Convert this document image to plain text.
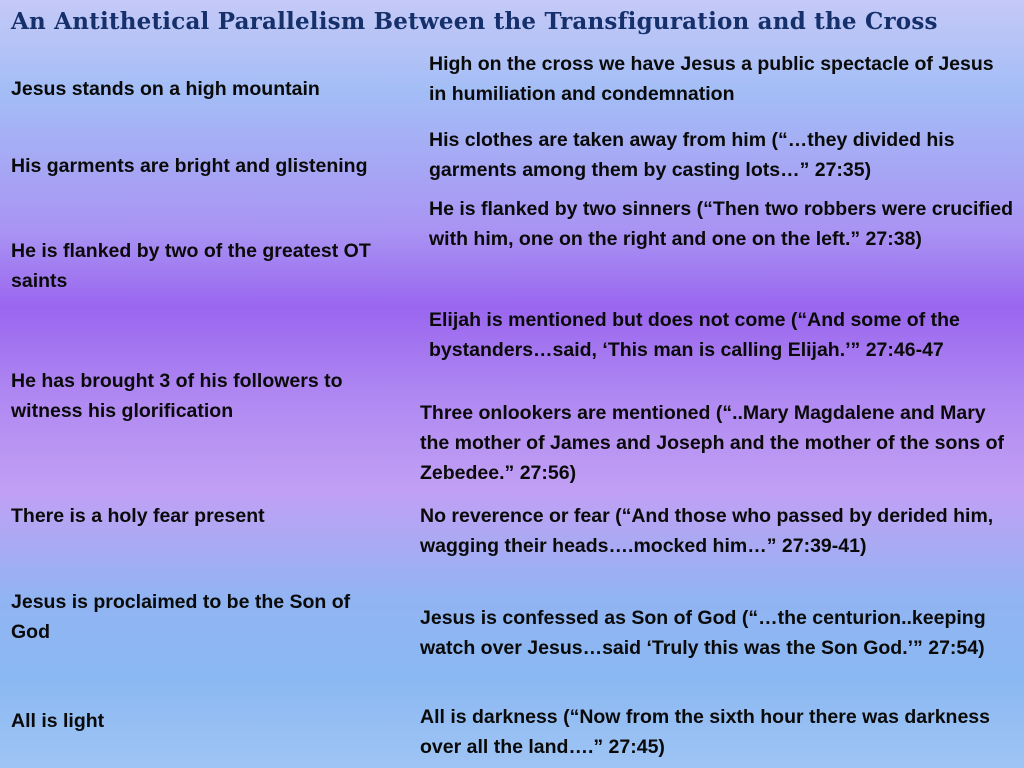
An Antithetical Parallelism Between the Transfiguration and the Cross

Jesus stands on a high mountain

His garments are bright and glistening

He is flanked by two of the greatest OT saints

He has brought 3 of his followers to witness his glorification

There is a holy fear present

Jesus is proclaimed to be the Son of God

All is light

High on the cross we have Jesus a public spectacle of Jesus in humiliation and condemnation

His clothes are taken away from him (“…they divided his garments among them by casting lots…” 27:35)

He is flanked by two sinners (“Then two robbers were crucified with him, one on the right and one on the left.” 27:38)

Elijah is mentioned but does not come (“And some of the bystanders…said, ‘This man is calling Elijah.’” 27:46-47

Three onlookers are mentioned (“..Mary Magdalene and Mary the mother of James and Joseph and the mother of the sons of Zebedee.” 27:56)

No reverence or fear (“And those who passed by derided him, wagging their heads….mocked him…” 27:39-41)

Jesus is confessed as Son of God (“…the centurion..keeping watch over Jesus…said ‘Truly this was the Son God.’” 27:54)

All is darkness (“Now from the sixth hour there was darkness over all the land….” 27:45)
